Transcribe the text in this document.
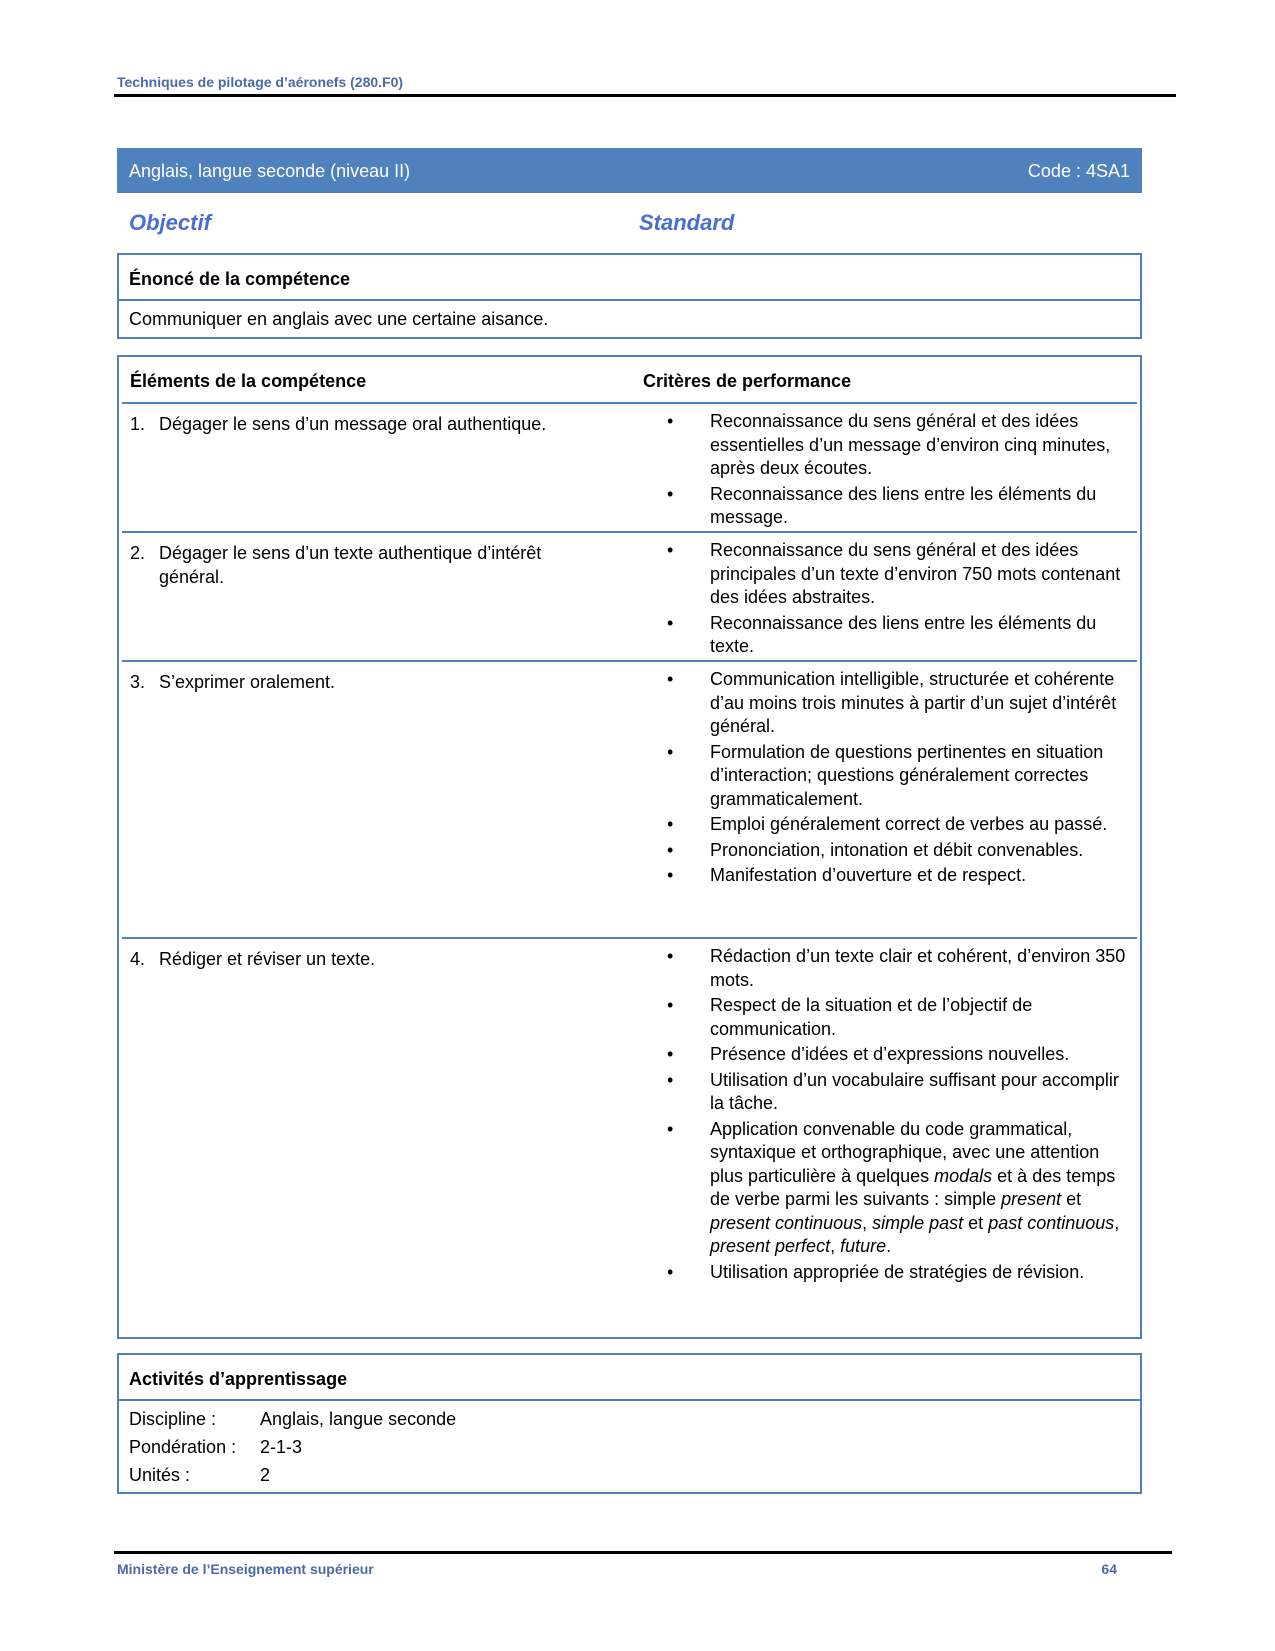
Techniques de pilotage d’aéronefs (280.F0)
Anglais, langue seconde (niveau II)	Code : 4SA1
Objectif	Standard
Énoncé de la compétence
Communiquer en anglais avec une certaine aisance.
Éléments de la compétence	Critères de performance
1. Dégager le sens d’un message oral authentique.	• Reconnaissance du sens général et des idées essentielles d’un message d’environ cinq minutes, après deux écoutes.
• Reconnaissance des liens entre les éléments du message.
2. Dégager le sens d’un texte authentique d’intérêt général.
• Reconnaissance du sens général et des idées principales d’un texte d’environ 750 mots contenant des idées abstraites.
• Reconnaissance des liens entre les éléments du texte.
3. S’exprimer oralement.	• Communication intelligible, structurée et cohérente d’au moins trois minutes à partir d’un sujet d’intérêt général.
• Formulation de questions pertinentes en situation d’interaction; questions généralement correctes grammaticalement.
• Emploi généralement correct de verbes au passé.
• Prononciation, intonation et débit convenables.
• Manifestation d’ouverture et de respect.
4. Rédiger et réviser un texte.	• Rédaction d’un texte clair et cohérent, d’environ 350 mots.
• Respect de la situation et de l’objectif de communication.
• Présence d’idées et d’expressions nouvelles.
• Utilisation d’un vocabulaire suffisant pour accomplir la tâche.
• Application convenable du code grammatical, syntaxique et orthographique, avec une attention plus particulière à quelques modals et à des temps de verbe parmi les suivants : simple present et present continuous, simple past et past continuous, present perfect, future.
• Utilisation appropriée de stratégies de révision.
Activités d’apprentissage
Discipline : Anglais, langue seconde
Pondération : 2-1-3
Unités :	2
Ministère de l’Enseignement supérieur	64
